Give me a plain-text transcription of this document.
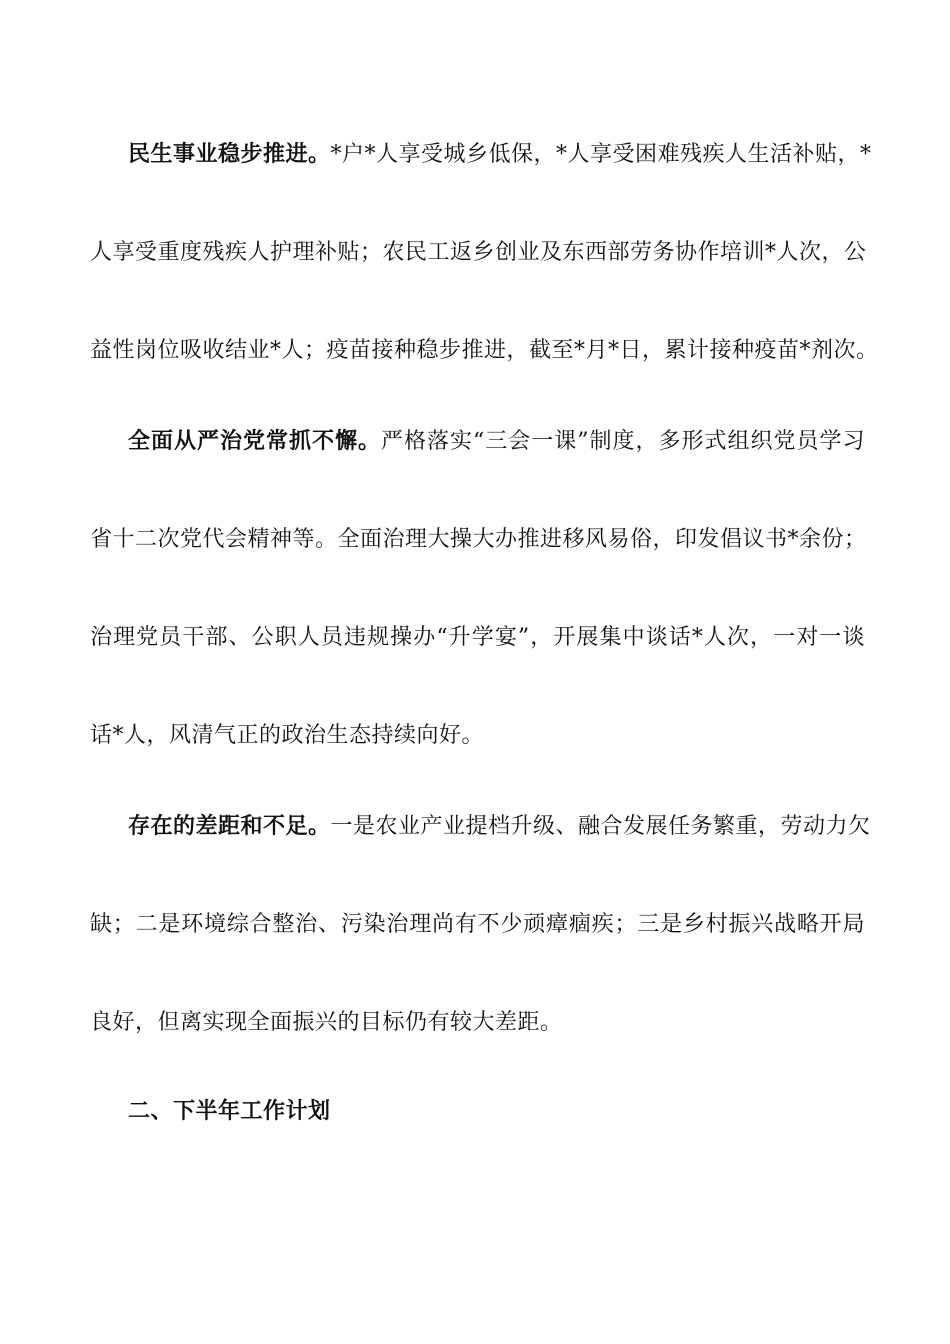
民生事业稳步推进。*户*人享受城乡低保，*人享受困难残疾人生活补贴，*
人享受重度残疾人护理补贴；农民工返乡创业及东西部劳务协作培训*人次，公
益性岗位吸收结业*人；疫苗接种稳步推进，截至*月*日，累计接种疫苗*剂次。
全面从严治党常抓不懈。严格落实“三会一课”制度，多形式组织党员学习
省十二次党代会精神等。全面治理大操大办推进移风易俗，印发倡议书*余份；
治理党员干部、公职人员违规操办“升学宴”，开展集中谈话*人次，一对一谈
话*人，风清气正的政治生态持续向好。
存在的差距和不足。一是农业产业提档升级、融合发展任务繁重，劳动力欠
缺；二是环境综合整治、污染治理尚有不少顽瘴痼疾；三是乡村振兴战略开局
良好，但离实现全面振兴的目标仍有较大差距。
二、下半年工作计划
